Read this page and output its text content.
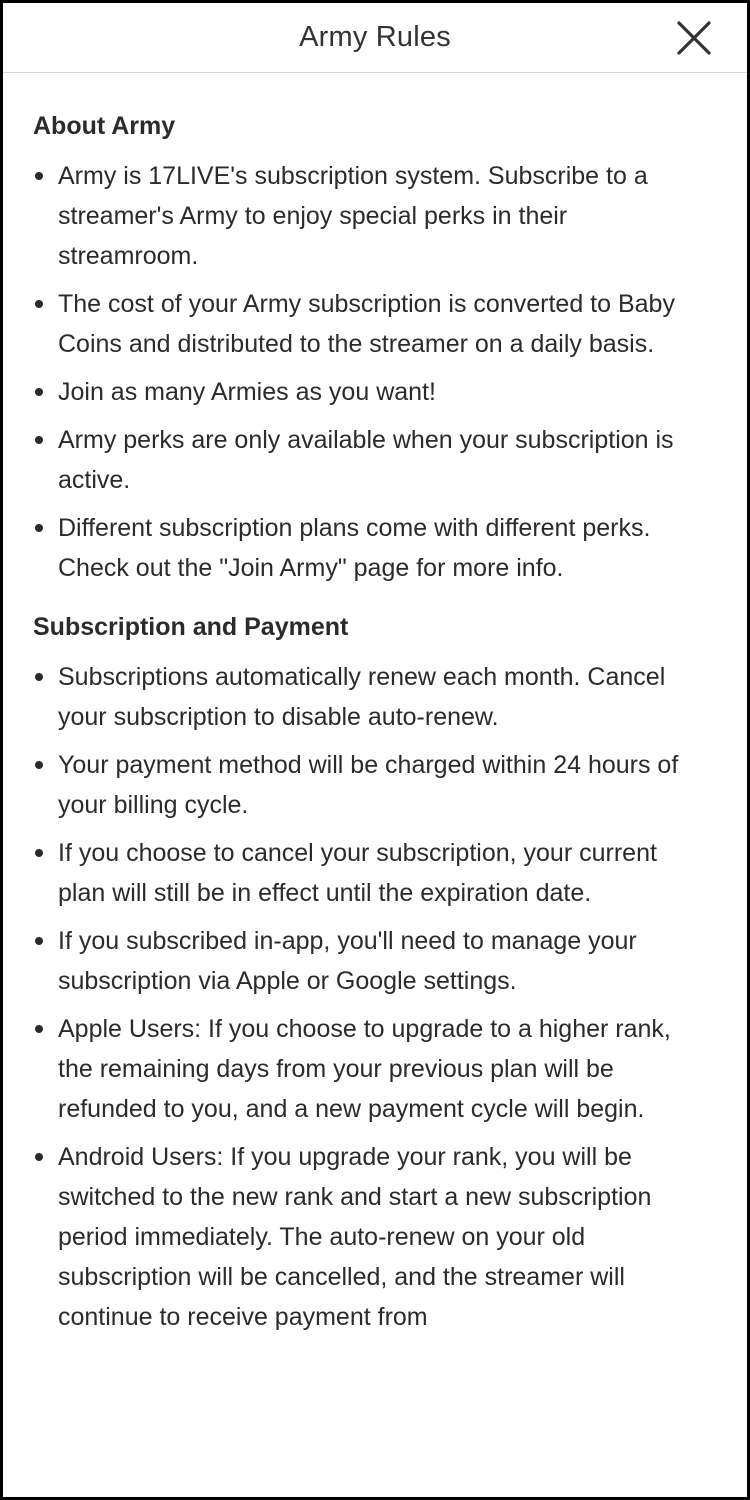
Army Rules
About Army
Army is 17LIVE's subscription system. Subscribe to a streamer's Army to enjoy special perks in their streamroom.
The cost of your Army subscription is converted to Baby Coins and distributed to the streamer on a daily basis.
Join as many Armies as you want!
Army perks are only available when your subscription is active.
Different subscription plans come with different perks. Check out the "Join Army" page for more info.
Subscription and Payment
Subscriptions automatically renew each month. Cancel your subscription to disable auto-renew.
Your payment method will be charged within 24 hours of your billing cycle.
If you choose to cancel your subscription, your current plan will still be in effect until the expiration date.
If you subscribed in-app, you'll need to manage your subscription via Apple or Google settings.
Apple Users: If you choose to upgrade to a higher rank, the remaining days from your previous plan will be refunded to you, and a new payment cycle will begin.
Android Users: If you upgrade your rank, you will be switched to the new rank and start a new subscription period immediately. The auto-renew on your old subscription will be cancelled, and the streamer will continue to receive payment from
